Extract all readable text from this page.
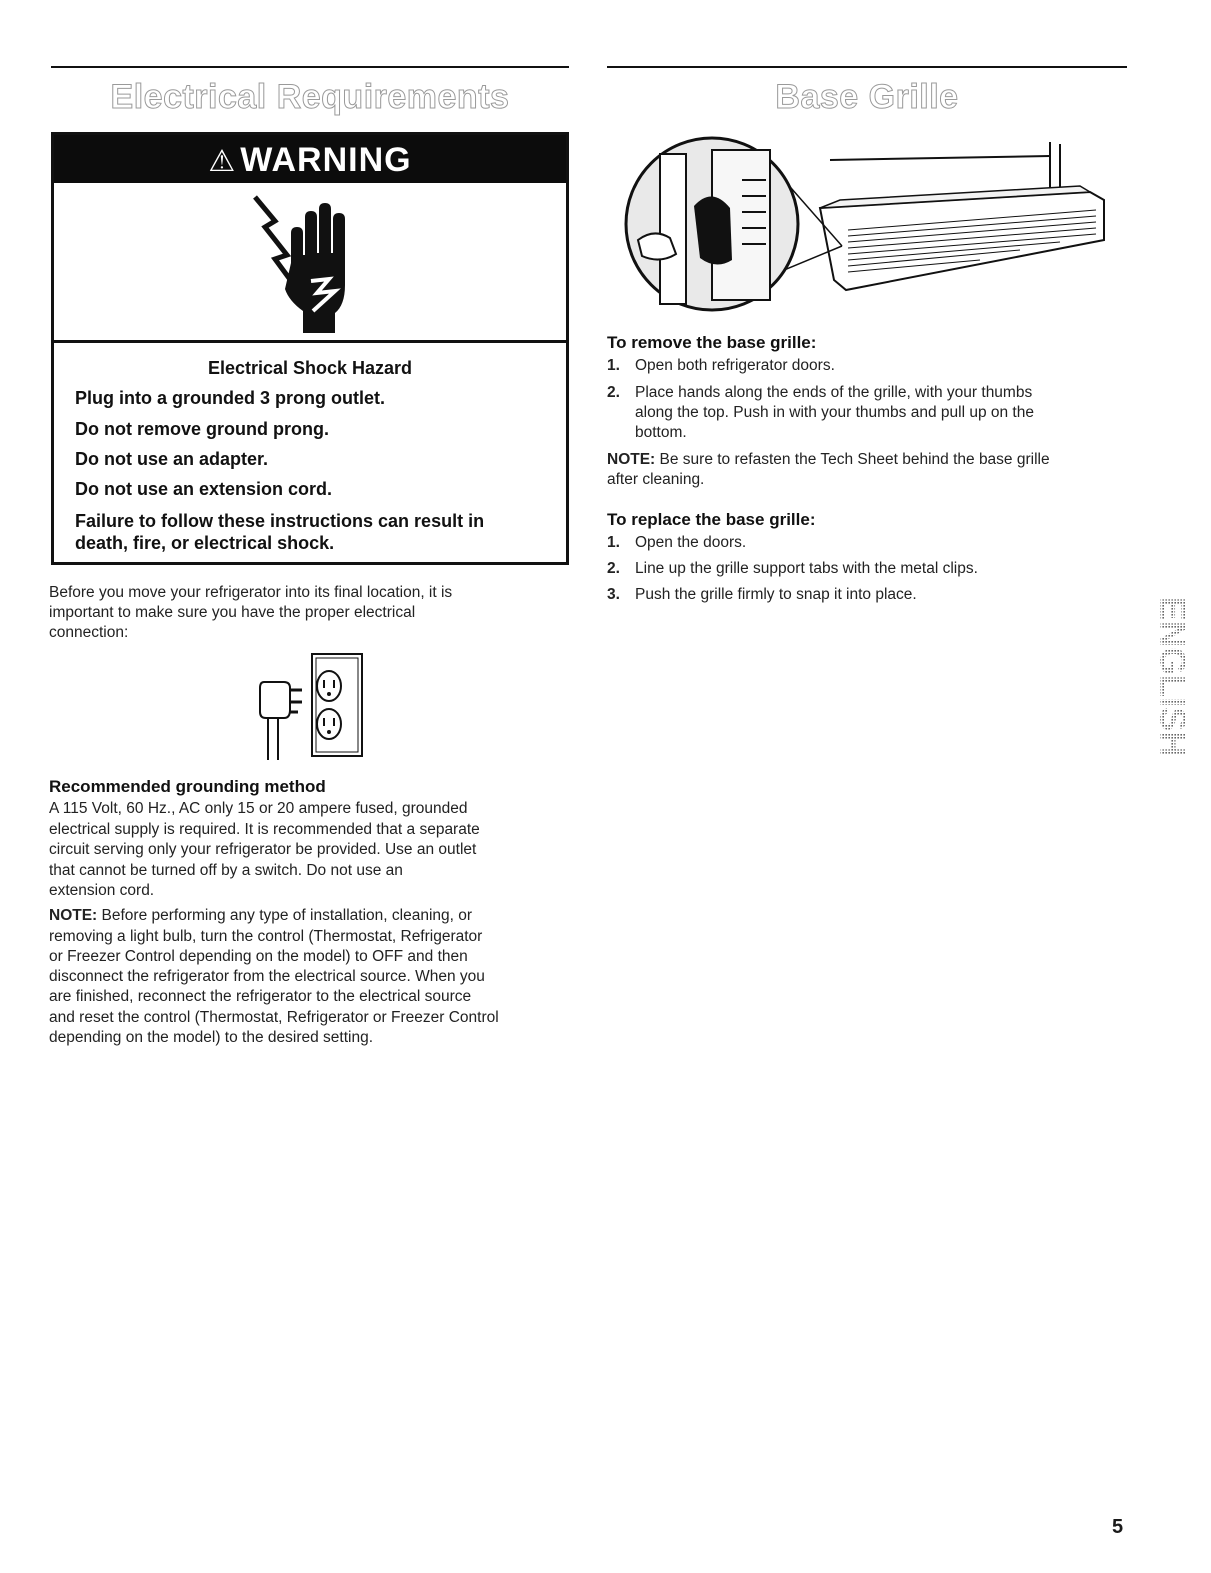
Electrical Requirements	Base Grille
⚠ WARNING
Electrical Shock Hazard
Plug into a grounded 3 prong outlet.
Do not remove ground prong.
Do not use an adapter.
Do not use an extension cord.
Failure to follow these instructions can result in
death, fire, or electrical shock.
Before you move your refrigerator into its final location, it is
important to make sure you have the proper electrical
connection:
Recommended grounding method
A 115 Volt, 60 Hz., AC only 15 or 20 ampere fused, grounded
electrical supply is required. It is recommended that a separate
circuit serving only your refrigerator be provided. Use an outlet
that cannot be turned off by a switch. Do not use an
extension cord.
NOTE: Before performing any type of installation, cleaning, or
removing a light bulb, turn the control (Thermostat, Refrigerator
or Freezer Control depending on the model) to OFF and then
disconnect the refrigerator from the electrical source. When you
are finished, reconnect the refrigerator to the electrical source
and reset the control (Thermostat, Refrigerator or Freezer Control
depending on the model) to the desired setting.
To remove the base grille:
1. Open both refrigerator doors.
2. Place hands along the ends of the grille, with your thumbs
along the top. Push in with your thumbs and pull up on the
bottom.
NOTE: Be sure to refasten the Tech Sheet behind the base grille
after cleaning.
To replace the base grille:
1. Open the doors.
2. Line up the grille support tabs with the metal clips.
3. Push the grille firmly to snap it into place.
ENGLISH
5
